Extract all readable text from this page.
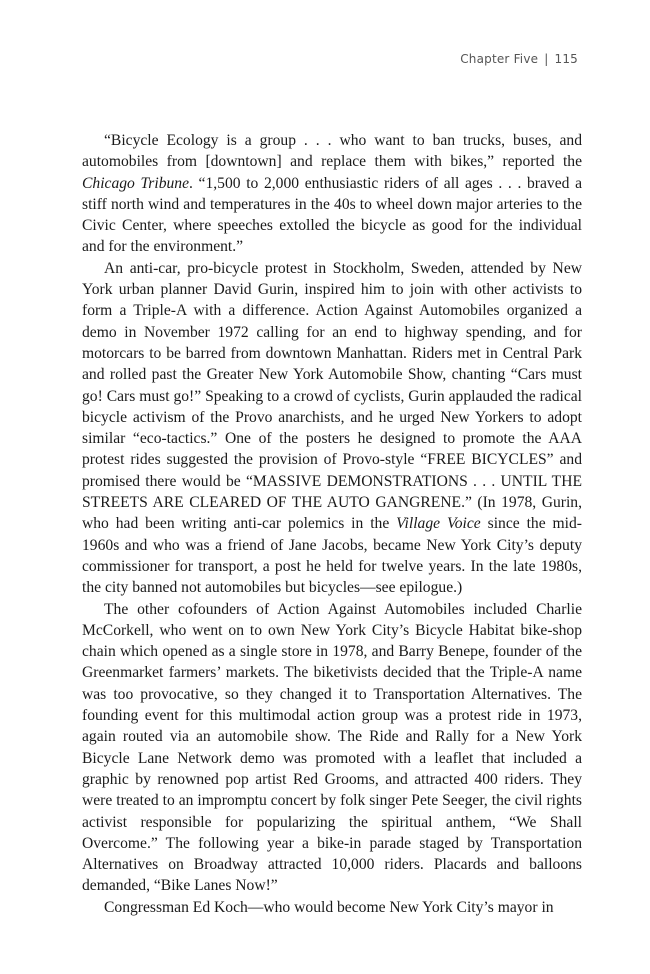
Chapter Five | 115

“Bicycle Ecology is a group . . . who want to ban trucks, buses, and automobiles from [downtown] and replace them with bikes,” reported the Chicago Tribune. “1,500 to 2,000 enthusiastic riders of all ages . . . braved a stiff north wind and temperatures in the 40s to wheel down major arteries to the Civic Center, where speeches extolled the bicycle as good for the individual and for the environment.”

An anti-car, pro-bicycle protest in Stockholm, Sweden, attended by New York urban planner David Gurin, inspired him to join with other activists to form a Triple-A with a difference. Action Against Automobiles organized a demo in November 1972 calling for an end to highway spending, and for motorcars to be barred from downtown Manhattan. Riders met in Central Park and rolled past the Greater New York Automobile Show, chanting “Cars must go! Cars must go!” Speaking to a crowd of cyclists, Gurin applauded the radical bicycle activism of the Provo anarchists, and he urged New Yorkers to adopt similar “eco-tactics.” One of the posters he designed to promote the AAA protest rides suggested the provision of Provo-style “FREE BICYCLES” and promised there would be “MASSIVE DEMONSTRATIONS . . . UNTIL THE STREETS ARE CLEARED OF THE AUTO GANGRENE.” (In 1978, Gurin, who had been writing anti-car polemics in the Village Voice since the mid-1960s and who was a friend of Jane Jacobs, became New York City’s deputy commissioner for transport, a post he held for twelve years. In the late 1980s, the city banned not automobiles but bicycles—see epilogue.)

The other cofounders of Action Against Automobiles included Charlie McCorkell, who went on to own New York City’s Bicycle Habitat bike-shop chain which opened as a single store in 1978, and Barry Benepe, founder of the Greenmarket farmers’ markets. The biketivists decided that the Triple-A name was too provocative, so they changed it to Transportation Alternatives. The founding event for this multimodal action group was a protest ride in 1973, again routed via an automobile show. The Ride and Rally for a New York Bicycle Lane Network demo was promoted with a leaflet that included a graphic by renowned pop artist Red Grooms, and attracted 400 riders. They were treated to an impromptu concert by folk singer Pete Seeger, the civil rights activist responsible for popularizing the spiritual anthem, “We Shall Overcome.” The following year a bike-in parade staged by Transportation Alternatives on Broadway attracted 10,000 riders. Placards and balloons demanded, “Bike Lanes Now!”

Congressman Ed Koch—who would become New York City’s mayor in
